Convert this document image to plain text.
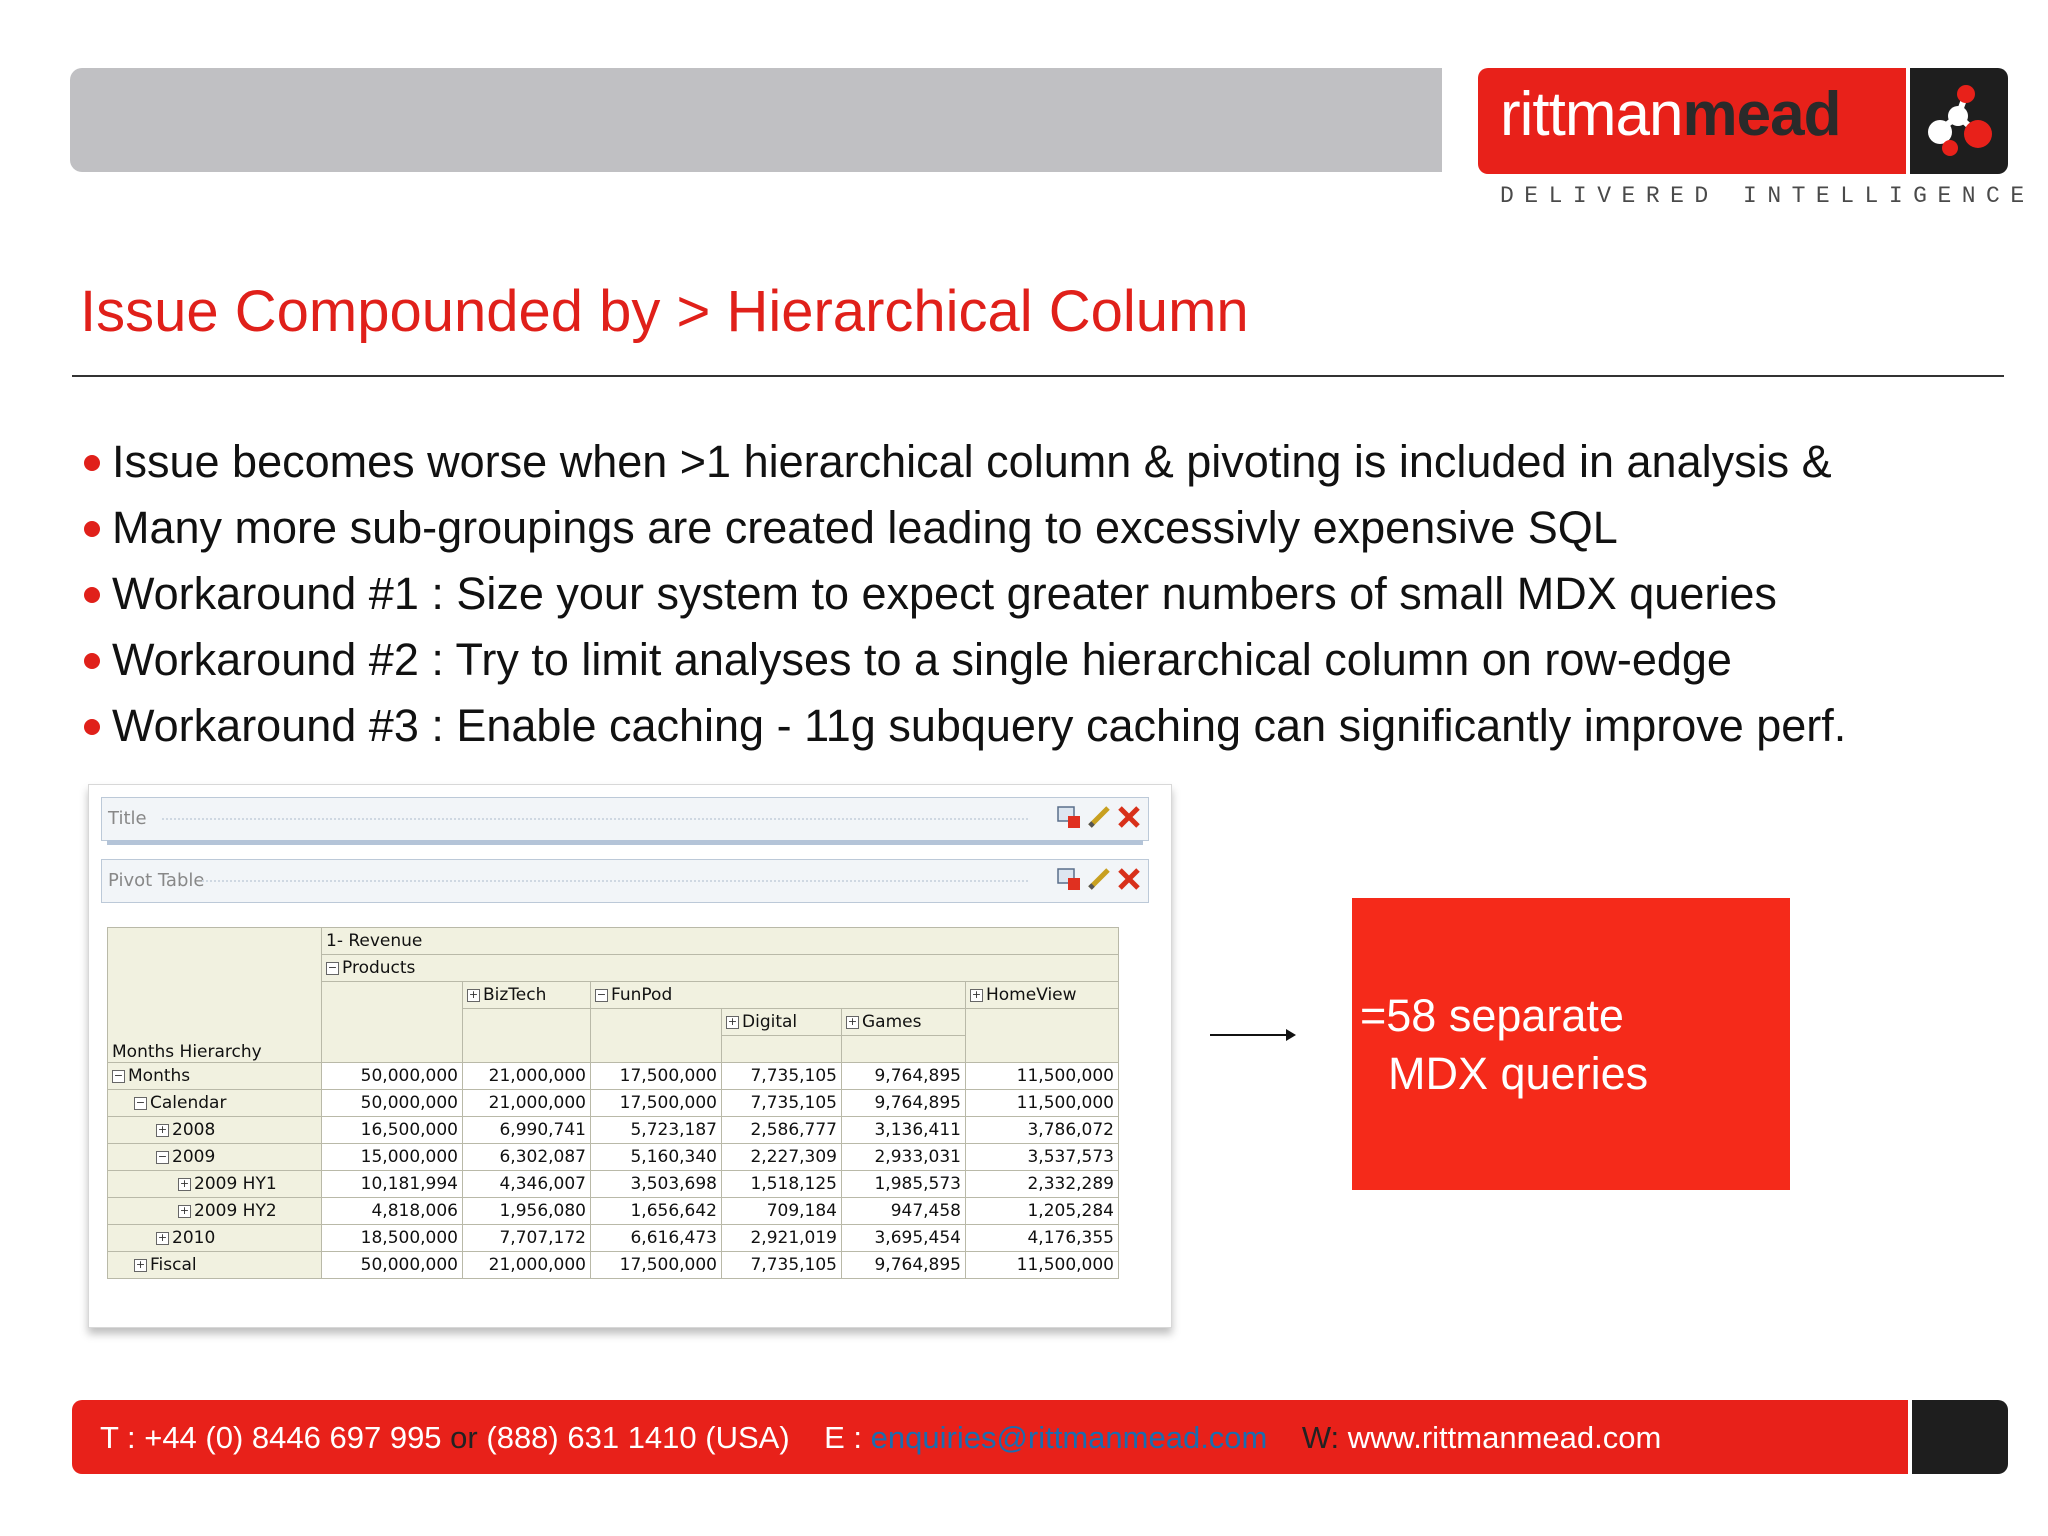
rittmanmead
DELIVERED INTELLIGENCE
Issue Compounded by > Hierarchical Column
Issue becomes worse when >1 hierarchical column & pivoting is included in analysis &
Many more sub-groupings are created leading to excessivly expensive SQL
Workaround #1 : Size your system to expect greater numbers of small MDX queries
Workaround #2 : Try to limit analyses to a single hierarchical column on row-edge
Workaround #3 : Enable caching - 11g subquery caching can significantly improve perf.
Title
Pivot Table
Months Hierarchy	1- Revenue					
	− Products					
		+ BizTech	− FunPod			+ HomeView
				+ Digital	+ Games	

− Months	50,000,000	21,000,000	17,500,000	7,735,105	9,764,895	11,500,000
− Calendar	50,000,000	21,000,000	17,500,000	7,735,105	9,764,895	11,500,000
+ 2008	16,500,000	6,990,741	5,723,187	2,586,777	3,136,411	3,786,072
− 2009	15,000,000	6,302,087	5,160,340	2,227,309	2,933,031	3,537,573
+ 2009 HY1	10,181,994	4,346,007	3,503,698	1,518,125	1,985,573	2,332,289
+ 2009 HY2	4,818,006	1,956,080	1,656,642	709,184	947,458	1,205,284
+ 2010	18,500,000	7,707,172	6,616,473	2,921,019	3,695,454	4,176,355
+ Fiscal	50,000,000	21,000,000	17,500,000	7,735,105	9,764,895	11,500,000
=58 separate
MDX queries
T : +44 (0) 8446 697 995 or (888) 631 1410 (USA) E : enquiries@rittmanmead.com W: www.rittmanmead.com
